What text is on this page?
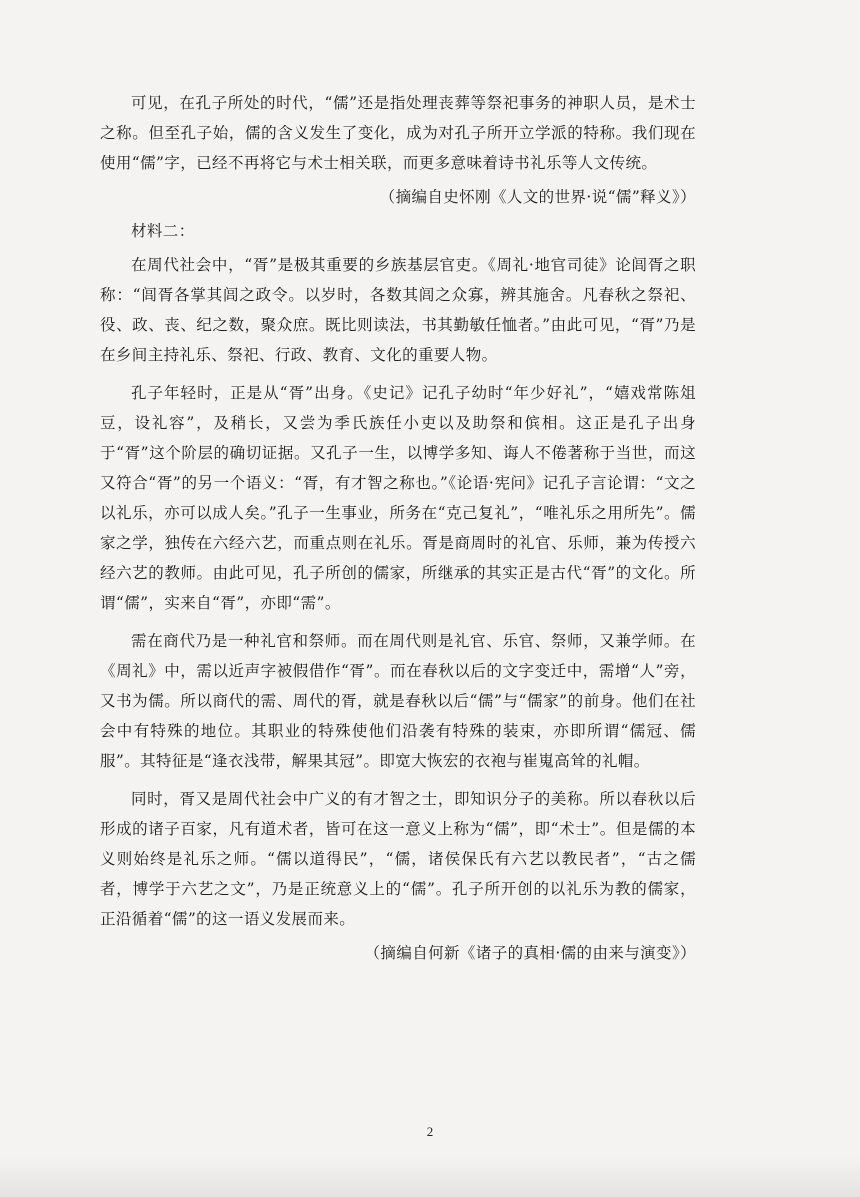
可见，在孔子所处的时代，“儒”还是指处理丧葬等祭祀事务的神职人员，是术士之称。但至孔子始，儒的含义发生了变化，成为对孔子所开立学派的特称。我们现在使用“儒”字，已经不再将它与术士相关联，而更多意味着诗书礼乐等人文传统。

（摘编自史怀刚《人文的世界·说“儒”释义》）

材料二：

在周代社会中，“胥”是极其重要的乡族基层官吏。《周礼·地官司徒》论闾胥之职称：“闾胥各掌其闾之政令。以岁时，各数其闾之众寡，辨其施舍。凡春秋之祭祀、役、政、丧、纪之数，聚众庶。既比则读法，书其勤敏任恤者。”由此可见，“胥”乃是在乡间主持礼乐、祭祀、行政、教育、文化的重要人物。

孔子年轻时，正是从“胥”出身。《史记》记孔子幼时“年少好礼”，“嬉戏常陈俎豆，设礼容”，及稍长，又尝为季氏族任小吏以及助祭和傧相。这正是孔子出身于“胥”这个阶层的确切证据。又孔子一生，以博学多知、诲人不倦著称于当世，而这又符合“胥”的另一个语义：“胥，有才智之称也。”《论语·宪问》记孔子言论谓：“文之以礼乐，亦可以成人矣。”孔子一生事业，所务在“克己复礼”，“唯礼乐之用所先”。儒家之学，独传在六经六艺，而重点则在礼乐。胥是商周时的礼官、乐师，兼为传授六经六艺的教师。由此可见，孔子所创的儒家，所继承的其实正是古代“胥”的文化。所谓“儒”，实来自“胥”，亦即“需”。

需在商代乃是一种礼官和祭师。而在周代则是礼官、乐官、祭师，又兼学师。在《周礼》中，需以近声字被假借作“胥”。而在春秋以后的文字变迁中，需增“人”旁，又书为儒。所以商代的需、周代的胥，就是春秋以后“儒”与“儒家”的前身。他们在社会中有特殊的地位。其职业的特殊使他们沿袭有特殊的装束，亦即所谓“儒冠、儒服”。其特征是“逢衣浅带，解果其冠”。即宽大恢宏的衣袍与崔嵬高耸的礼帽。

同时，胥又是周代社会中广义的有才智之士，即知识分子的美称。所以春秋以后形成的诸子百家，凡有道术者，皆可在这一意义上称为“儒”，即“术士”。但是儒的本义则始终是礼乐之师。“儒以道得民”，“儒，诸侯保氏有六艺以教民者”，“古之儒者，博学于六艺之文”，乃是正统意义上的“儒”。孔子所开创的以礼乐为教的儒家，正沿循着“儒”的这一语义发展而来。

（摘编自何新《诸子的真相·儒的由来与演变》）

2
